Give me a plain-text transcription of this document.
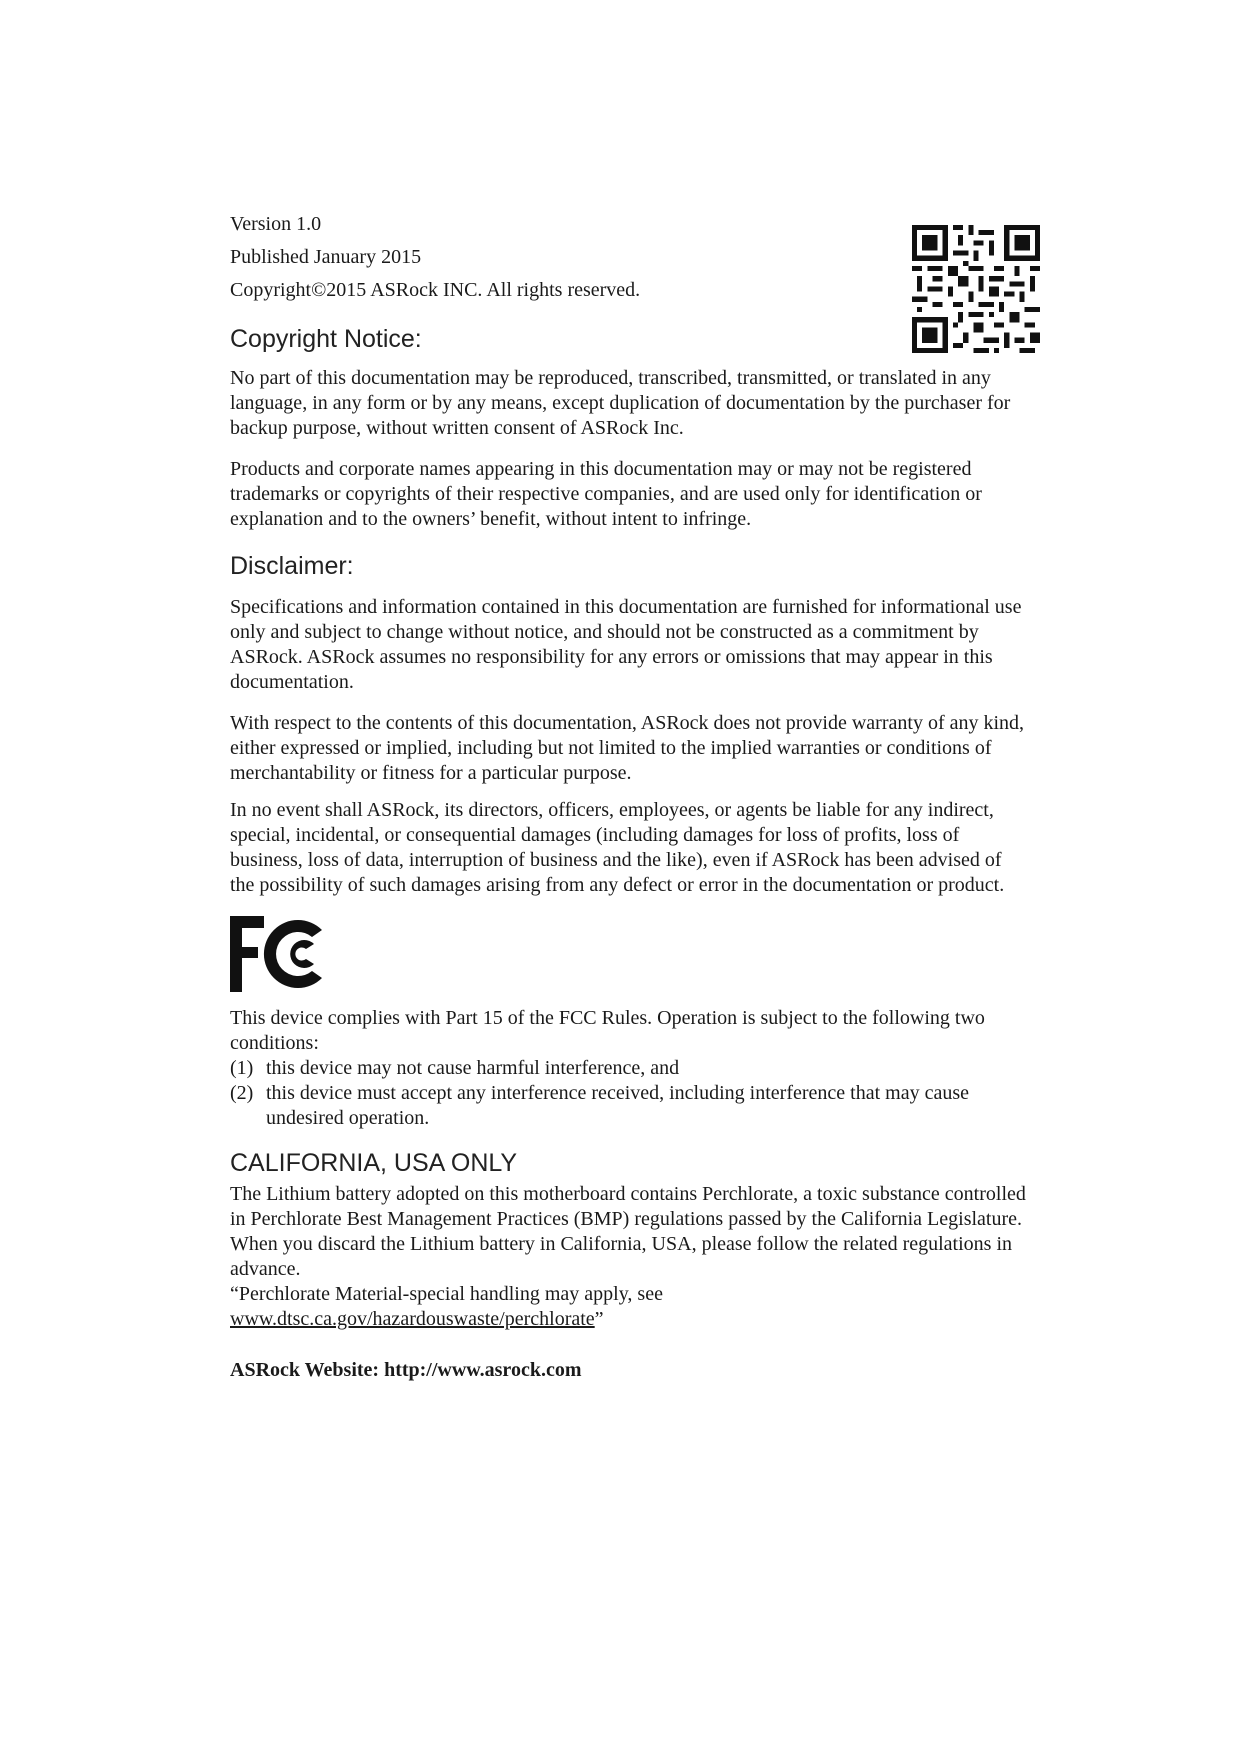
Version 1.0

Published January 2015

Copyright©2015 ASRock INC. All rights reserved.

Copyright Notice:

No part of this documentation may be reproduced, transcribed, transmitted, or translated in any language, in any form or by any means, except duplication of documentation by the purchaser for backup purpose, without written consent of ASRock Inc.

Products and corporate names appearing in this documentation may or may not be registered trademarks or copyrights of their respective companies, and are used only for identification or explanation and to the owners’ benefit, without intent to infringe.

Disclaimer:

Specifications and information contained in this documentation are furnished for informational use only and subject to change without notice, and should not be constructed as a commitment by ASRock. ASRock assumes no responsibility for any errors or omissions that may appear in this documentation.

With respect to the contents of this documentation, ASRock does not provide warranty of any kind, either expressed or implied, including but not limited to the implied warranties or conditions of merchantability or fitness for a particular purpose.

In no event shall ASRock, its directors, officers, employees, or agents be liable for any indirect, special, incidental, or consequential damages (including damages for loss of profits, loss of business, loss of data, interruption of business and the like), even if ASRock has been advised of the possibility of such damages arising from any defect or error in the documentation or product.

This device complies with Part 15 of the FCC Rules. Operation is subject to the following two conditions:

(1) this device may not cause harmful interference, and
(2) this device must accept any interference received, including interference that may cause undesired operation.
CALIFORNIA, USA ONLY

The Lithium battery adopted on this motherboard contains Perchlorate, a toxic substance controlled in Perchlorate Best Management Practices (BMP) regulations passed by the California Legislature. When you discard the Lithium battery in California, USA, please follow the related regulations in advance.

“Perchlorate Material-special handling may apply, see www.dtsc.ca.gov/hazardouswaste/perchlorate”

ASRock Website: http://www.asrock.com
